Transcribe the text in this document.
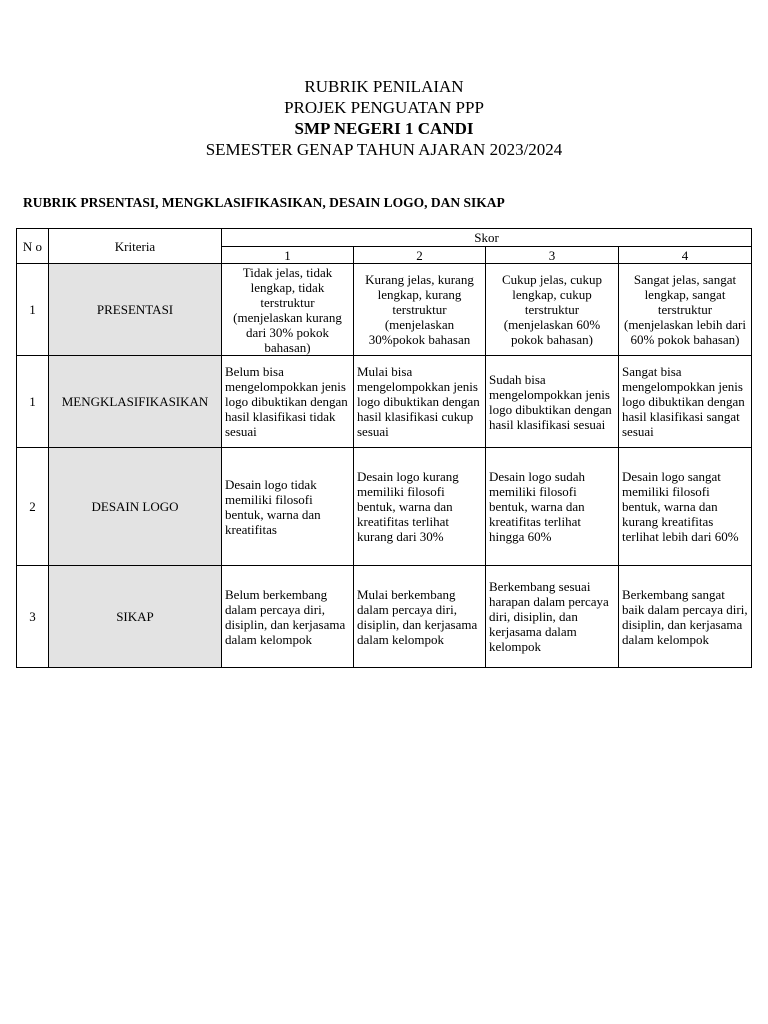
RUBRIK PENILAIAN
PROJEK PENGUATAN PPP
SMP NEGERI 1 CANDI
SEMESTER GENAP TAHUN AJARAN 2023/2024
RUBRIK PRSENTASI, MENGKLASIFIKASIKAN, DESAIN LOGO, DAN SIKAP
N o	Kriteria	Skor			
		1	2	3	4
1	PRESENTASI	Tidak jelas, tidak lengkap, tidak terstruktur (menjelaskan kurang dari 30% pokok bahasan)	Kurang jelas, kurang lengkap, kurang terstruktur (menjelaskan 30%pokok bahasan	Cukup jelas, cukup lengkap, cukup terstruktur (menjelaskan 60% pokok bahasan)	Sangat jelas, sangat lengkap, sangat terstruktur (menjelaskan lebih dari 60% pokok bahasan)
1	MENGKLASIFIKASIKAN	Belum bisa mengelompokkan jenis logo dibuktikan dengan hasil klasifikasi tidak sesuai	Mulai bisa mengelompokkan jenis logo dibuktikan dengan hasil klasifikasi cukup sesuai	Sudah bisa mengelompokkan jenis logo dibuktikan dengan hasil klasifikasi sesuai	Sangat bisa mengelompokkan jenis logo dibuktikan dengan hasil klasifikasi sangat sesuai
2	DESAIN LOGO	Desain logo tidak memiliki filosofi bentuk, warna dan kreatifitas	Desain logo kurang memiliki filosofi bentuk, warna dan kreatifitas terlihat kurang dari 30%	Desain logo sudah memiliki filosofi bentuk, warna dan kreatifitas terlihat hingga 60%	Desain logo sangat memiliki filosofi bentuk, warna dan kurang kreatifitas terlihat lebih dari 60%
3	SIKAP	Belum berkembang dalam percaya diri, disiplin, dan kerjasama dalam kelompok	Mulai berkembang dalam percaya diri, disiplin, dan kerjasama dalam kelompok	Berkembang sesuai harapan dalam percaya diri, disiplin, dan kerjasama dalam kelompok	Berkembang sangat baik dalam percaya diri, disiplin, dan kerjasama dalam kelompok
